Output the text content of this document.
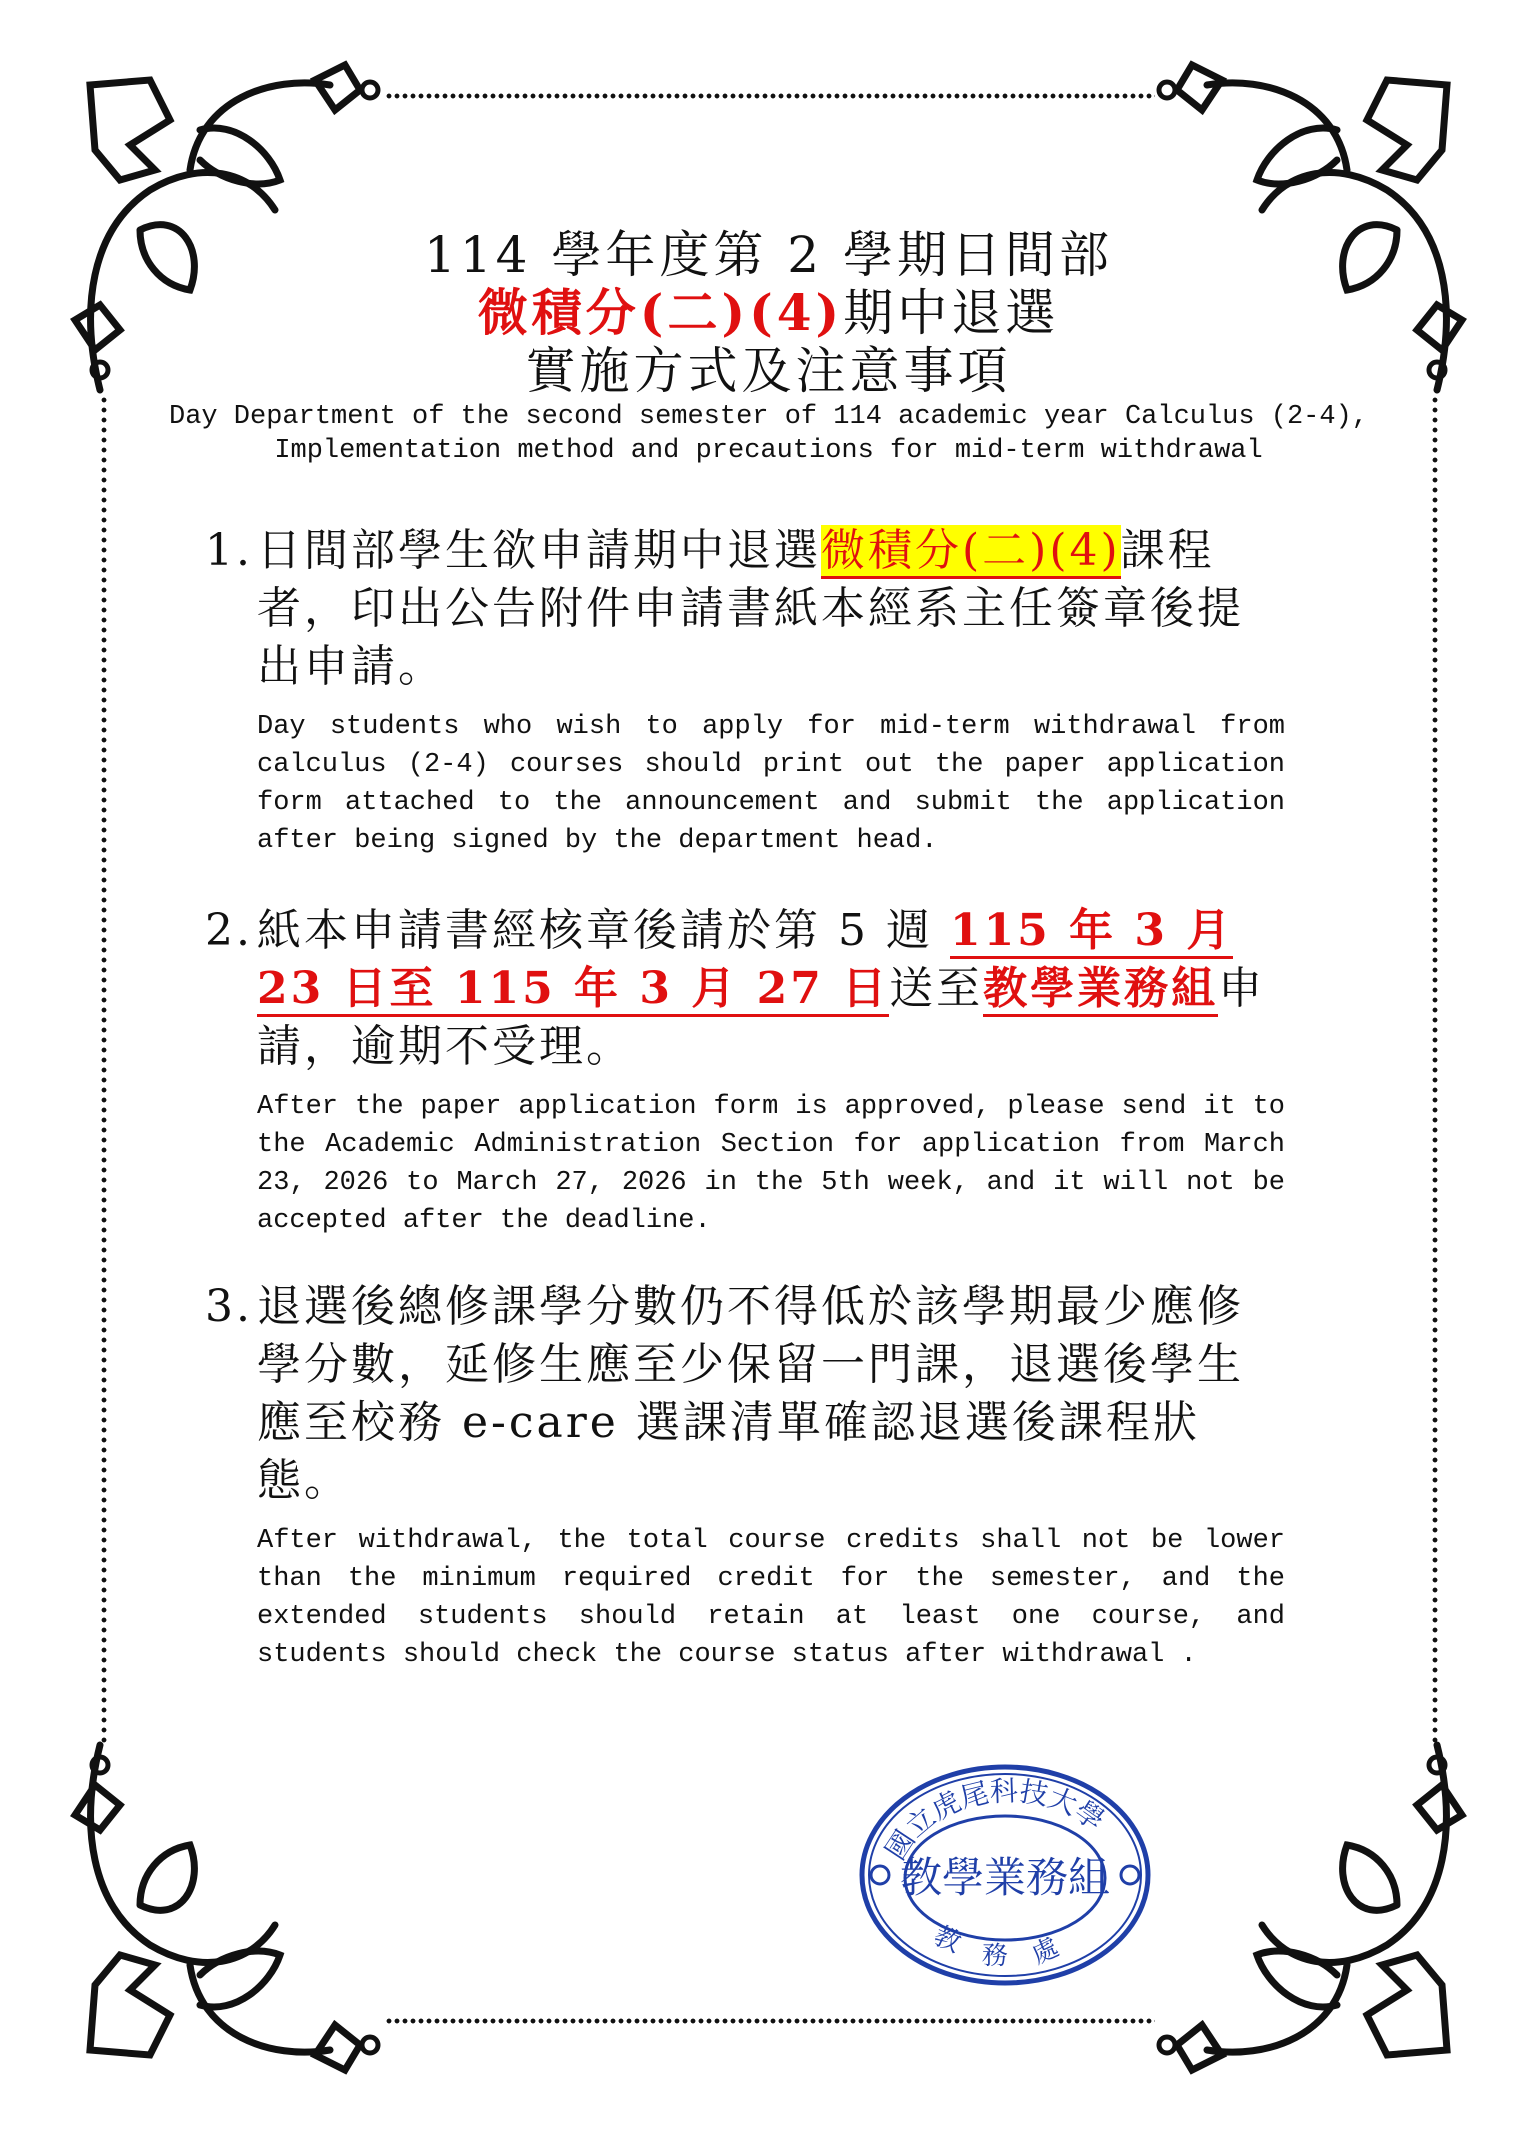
114 學年度第 2 學期日間部
微積分(二)(4)期中退選
實施方式及注意事項
Day Department of the second semester of 114 academic year Calculus (2-4),
Implementation method and precautions for mid-term withdrawal
1.日間部學生欲申請期中退選微積分(二)(4)課程者，印出公告附件申請書紙本經系主任簽章後提出申請。
Day students who wish to apply for mid-term withdrawal from calculus (2-4) courses should print out the paper application form attached to the announcement and submit the application after being signed by the department head.
2.紙本申請書經核章後請於第 5 週 115 年 3 月 23 日至 115 年 3 月 27 日送至教學業務組申請，逾期不受理。
After the paper application form is approved, please send it to the Academic Administration Section for application from March 23, 2026 to March 27, 2026 in the 5th week, and it will not be accepted after the deadline.
3.退選後總修課學分數仍不得低於該學期最少應修學分數，延修生應至少保留一門課，退選後學生應至校務 e-care 選課清單確認退選後課程狀態。
After withdrawal, the total course credits shall not be lower than the minimum required credit for the semester, and the extended students should retain at least one course, and students should check the course status after withdrawal .
國立虎尾科技大學
教學業務組
教務處
